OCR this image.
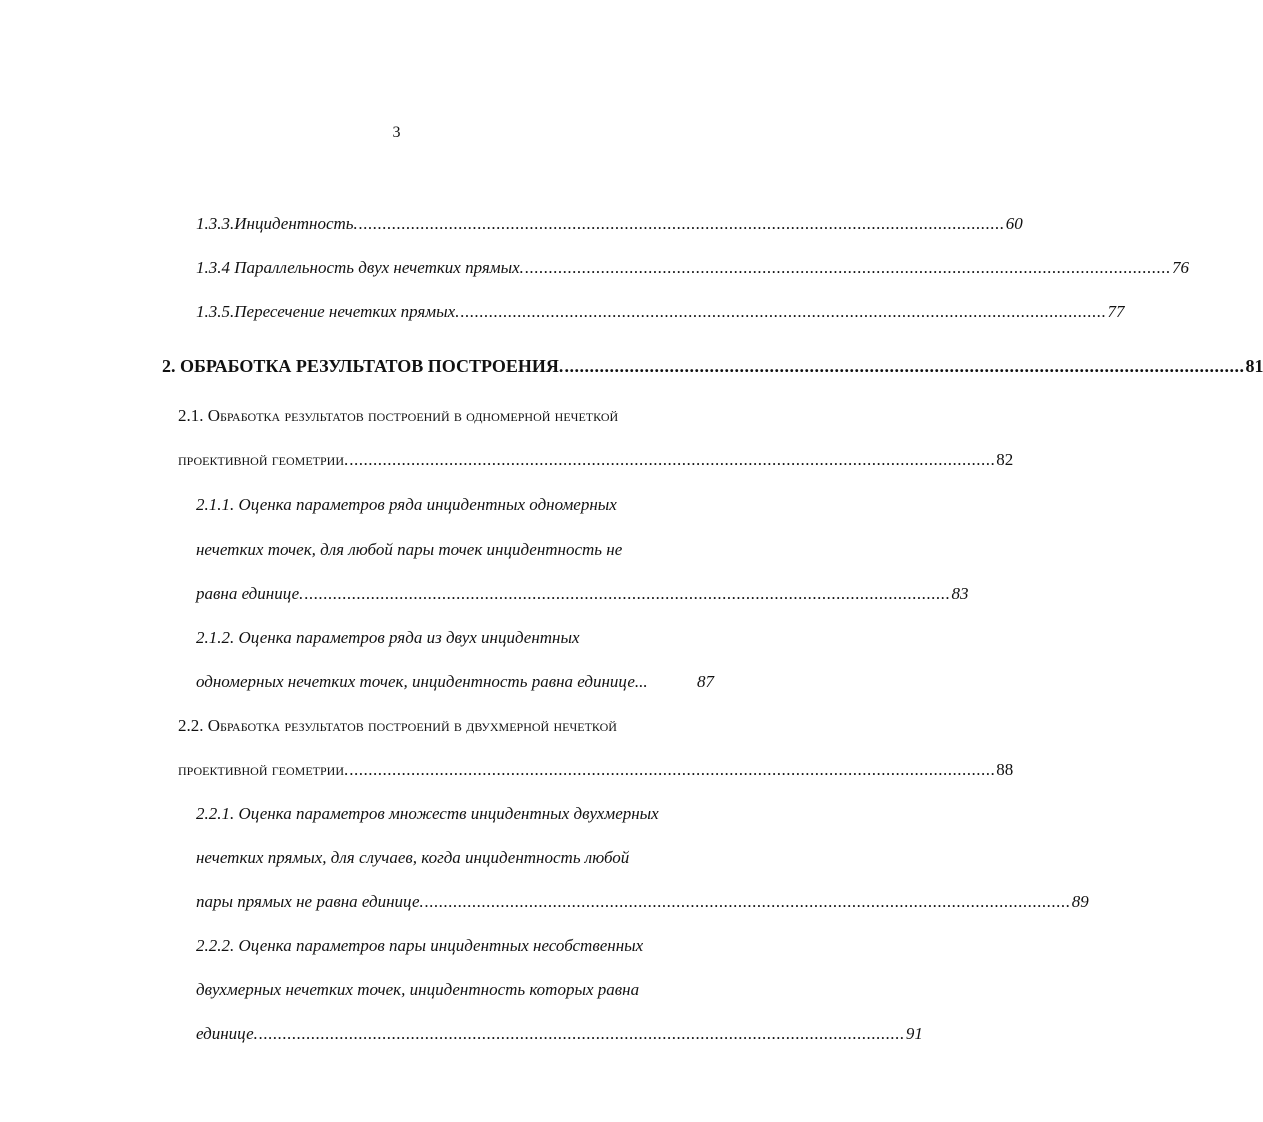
3
1.3.3.Инцидентность. ........................................................................................................................................ 60
1.3.4 Параллельность двух нечетких прямых. ........................................................................................................................................ 76
1.3.5.Пересечение нечетких прямых. ........................................................................................................................................ 77
2. ОБРАБОТКА РЕЗУЛЬТАТОВ ПОСТРОЕНИЯ. ........................................................................................................................................ 81
2.1. Обработка результатов построений в одномерной нечеткой
проективной геометрии. ........................................................................................................................................ 82
2.1.1. Оценка параметров ряда инцидентных одномерных
нечетких точек, для любой пары точек инцидентность не
равна единице. ........................................................................................................................................ 83
2.1.2. Оценка параметров ряда из двух инцидентных
одномерных нечетких точек, инцидентность равна единице...	87
2.2. Обработка результатов построений в двухмерной нечеткой
проективной геометрии. ........................................................................................................................................ 88
2.2.1. Оценка параметров множеств инцидентных двухмерных
нечетких прямых, для случаев, когда инцидентность любой
пары прямых не равна единице. ........................................................................................................................................ 89
2.2.2. Оценка параметров пары инцидентных несобственных
двухмерных нечетких точек, инцидентность которых равна
единице. ........................................................................................................................................ 91
